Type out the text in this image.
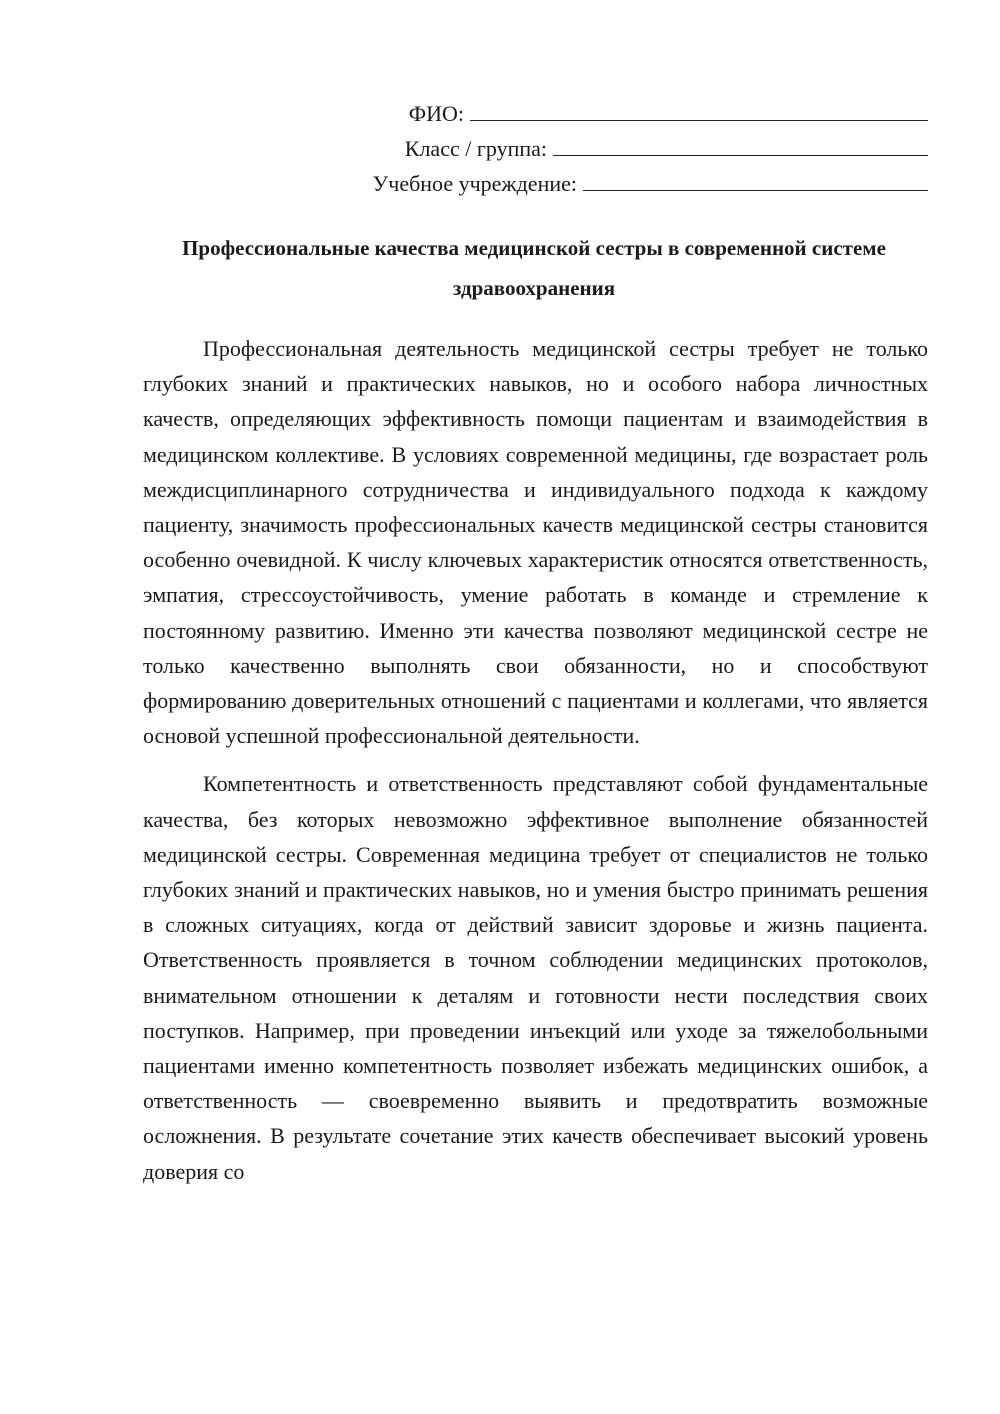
ФИО:
Класс / группа:
Учебное учреждение:
Профессиональные качества медицинской сестры в современной системе здравоохранения

Профессиональная деятельность медицинской сестры требует не только глубоких знаний и практических навыков, но и особого набора личностных качеств, определяющих эффективность помощи пациентам и взаимодействия в медицинском коллективе. В условиях современной медицины, где возрастает роль междисциплинарного сотрудничества и индивидуального подхода к каждому пациенту, значимость профессиональных качеств медицинской сестры становится особенно очевидной. К числу ключевых характеристик относятся ответственность, эмпатия, стрессоустойчивость, умение работать в команде и стремление к постоянному развитию. Именно эти качества позволяют медицинской сестре не только качественно выполнять свои обязанности, но и способствуют формированию доверительных отношений с пациентами и коллегами, что является основой успешной профессиональной деятельности.

Компетентность и ответственность представляют собой фундаментальные качества, без которых невозможно эффективное выполнение обязанностей медицинской сестры. Современная медицина требует от специалистов не только глубоких знаний и практических навыков, но и умения быстро принимать решения в сложных ситуациях, когда от действий зависит здоровье и жизнь пациента. Ответственность проявляется в точном соблюдении медицинских протоколов, внимательном отношении к деталям и готовности нести последствия своих поступков. Например, при проведении инъекций или уходе за тяжелобольными пациентами именно компетентность позволяет избежать медицинских ошибок, а ответственность — своевременно выявить и предотвратить возможные осложнения. В результате сочетание этих качеств обеспечивает высокий уровень доверия со
